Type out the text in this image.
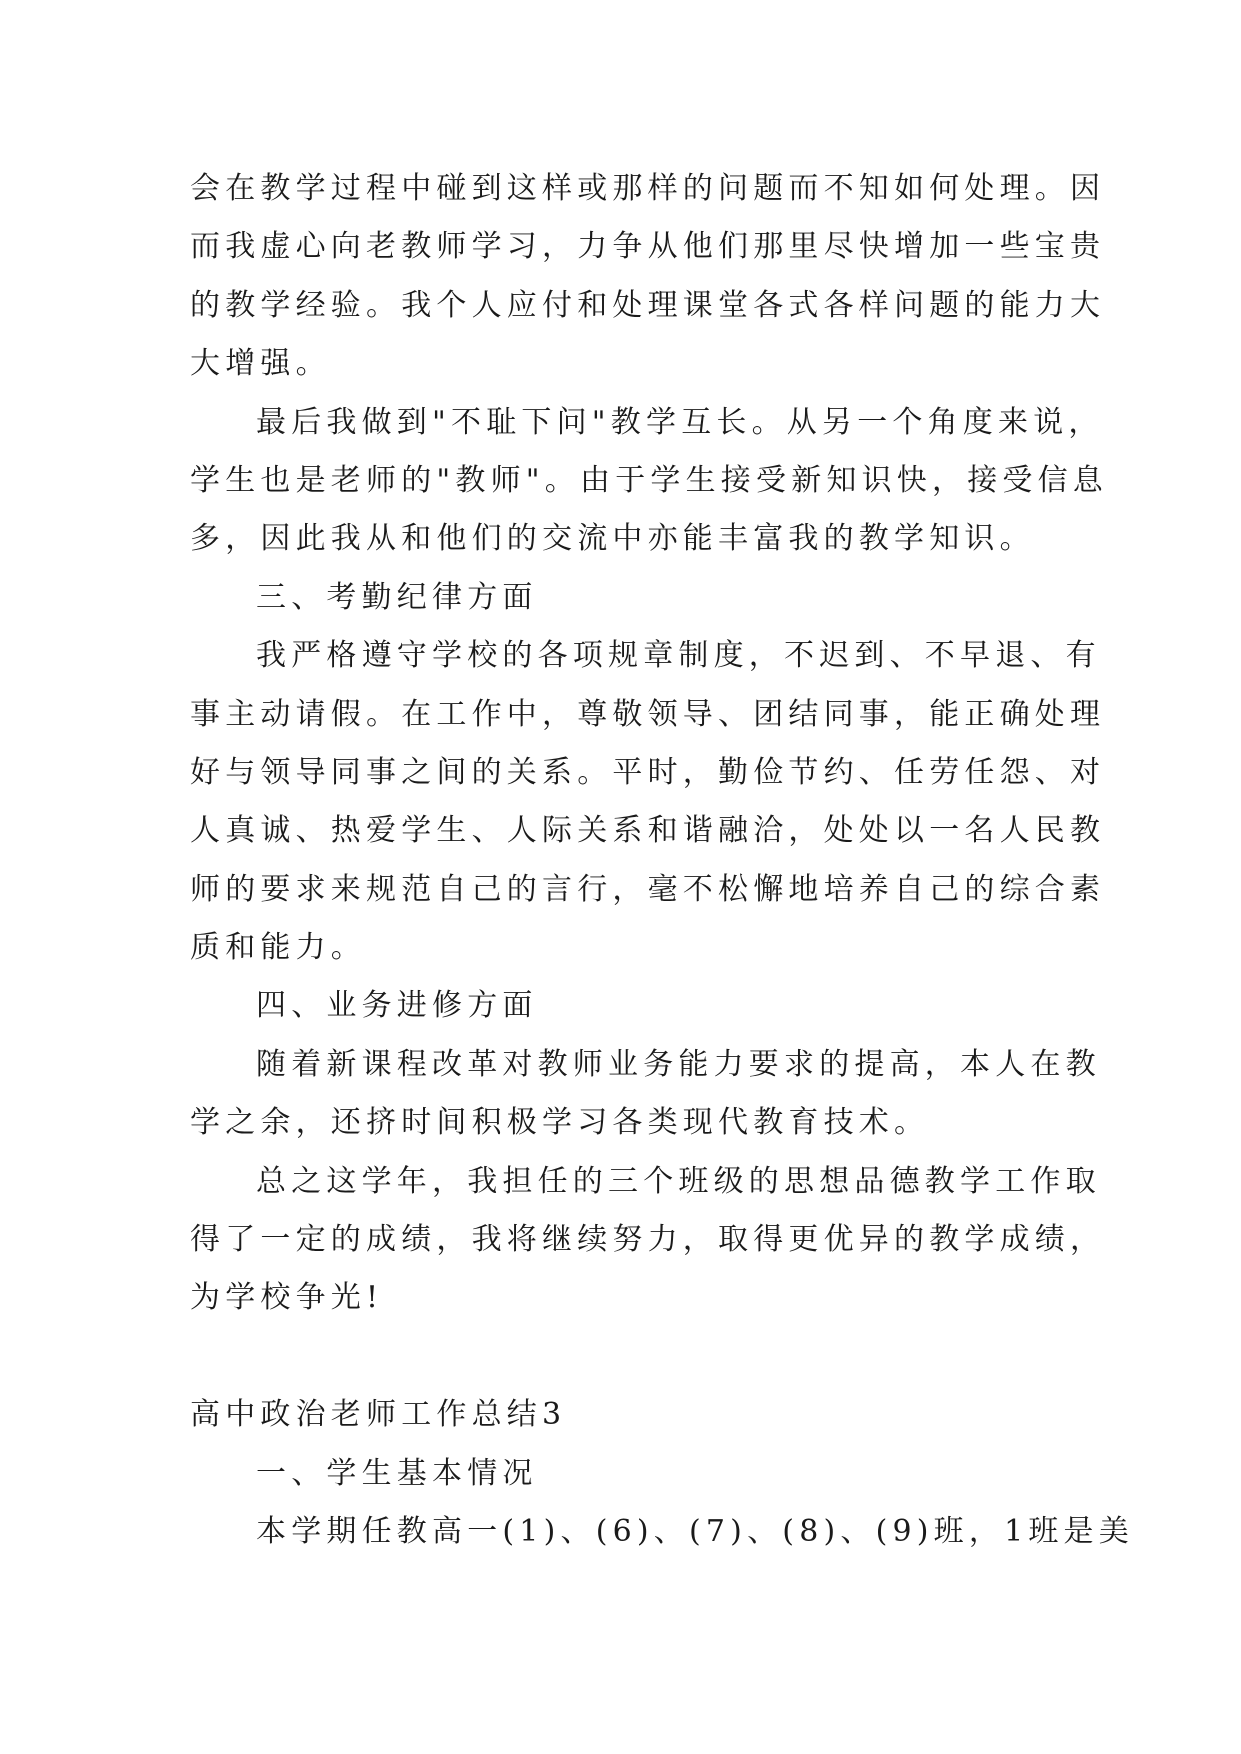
会在教学过程中碰到这样或那样的问题而不知如何处理。因
而我虚心向老教师学习，力争从他们那里尽快增加一些宝贵
的教学经验。我个人应付和处理课堂各式各样问题的能力大
大增强。
最后我做到"不耻下问"教学互长。从另一个角度来说，
学生也是老师的"教师"。由于学生接受新知识快，接受信息
多，因此我从和他们的交流中亦能丰富我的教学知识。
三、考勤纪律方面
我严格遵守学校的各项规章制度，不迟到、不早退、有
事主动请假。在工作中，尊敬领导、团结同事，能正确处理
好与领导同事之间的关系。平时，勤俭节约、任劳任怨、对
人真诚、热爱学生、人际关系和谐融洽，处处以一名人民教
师的要求来规范自己的言行，毫不松懈地培养自己的综合素
质和能力。
四、业务进修方面
随着新课程改革对教师业务能力要求的提高，本人在教
学之余，还挤时间积极学习各类现代教育技术。
总之这学年，我担任的三个班级的思想品德教学工作取
得了一定的成绩，我将继续努力，取得更优异的教学成绩，
为学校争光!
高中政治老师工作总结3
一、学生基本情况
本学期任教高一(1)、(6)、(7)、(8)、(9)班，1班是美
